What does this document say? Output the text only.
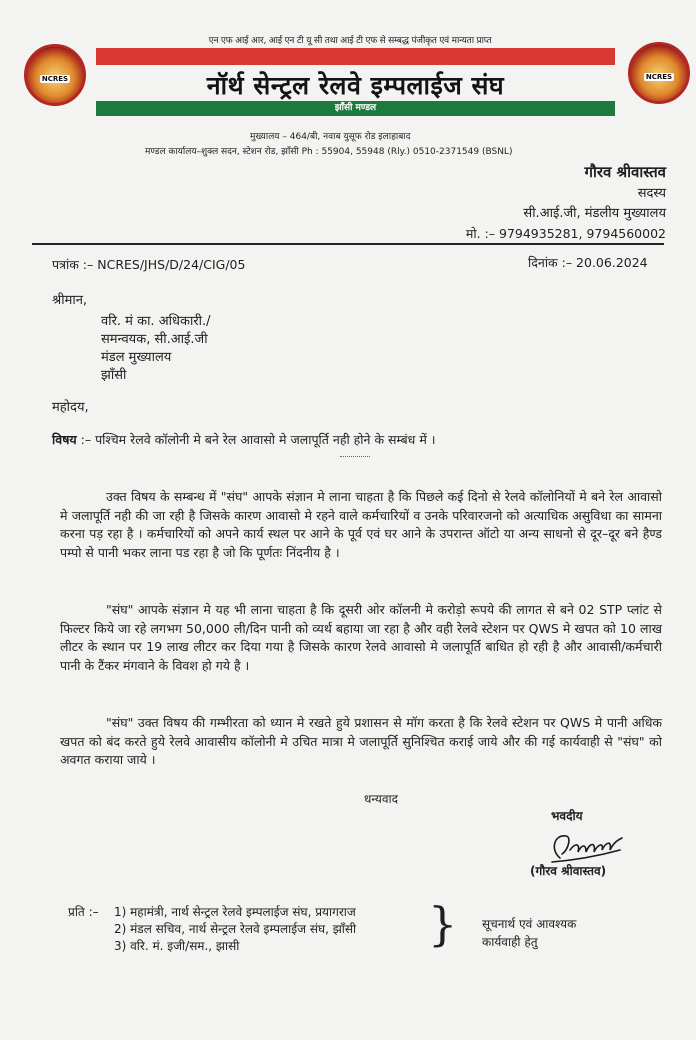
एन एफ आई आर, आई एन टी यू सी तथा आई टी एफ से सम्बद्ध पंजीकृत एवं मान्यता प्राप्त
NCRES	NCRES
नॉर्थ सेन्ट्रल रेलवे इम्पलाईज संघ
झाँसी मण्डल
मुख्यालय – 464/बी, नवाब युसूफ रोड इलाहाबाद
मण्डल कार्यालय–शुक्ल सदन, स्टेशन रोड, झाँसी Ph : 55904, 55948 (Rly.) 0510-2371549 (BSNL)
गौरव श्रीवास्तव
सदस्य
सी.आई.जी, मंडलीय मुख्यालय
मो. :– 9794935281, 9794560002
पत्रांक :– NCRES/JHS/D/24/CIG/05	दिनांक :– 20.06.2024
श्रीमान,
वरि. मं का. अधिकारी./
समन्वयक, सी.आई.जी
मंडल मुख्यालय
झाँसी
महोदय,
विषय :– पश्चिम रेलवे कॉलोनी मे बने रेल आवासो मे जलापूर्ति नही होने के सम्बंध में ।
उक्त विषय के सम्बन्ध में "संघ" आपके संज्ञान मे लाना चाहता है कि पिछले कई दिनो से रेलवे कॉलोनियों मे बने रेल आवासो मे जलापूर्ति नही की जा रही है जिसके कारण आवासो मे रहने वाले कर्मचारियों व उनके परिवारजनो को अत्याधिक असुविधा का सामना करना पड़ रहा है । कर्मचारियों को अपने कार्य स्थल पर आने के पूर्व एवं घर आने के उपरान्त ऑटो या अन्य साधनो से दूर–दूर बने हैण्ड पम्पो से पानी भकर लाना पड रहा है जो कि पूर्णतः निंदनीय है ।
"संघ" आपके संज्ञान मे यह भी लाना चाहता है कि दूसरी ओर कॉलनी मे करोड़ो रूपये की लागत से बने 02 STP प्लांट से फिल्टर किये जा रहे लगभग 50,000 ली/दिन पानी को व्यर्थ बहाया जा रहा है और वही रेलवे स्टेशन पर QWS मे खपत को 10 लाख लीटर के स्थान पर 19 लाख लीटर कर दिया गया है जिसके कारण रेलवे आवासो मे जलापूर्ति बाधित हो रही है और आवासी/कर्मचारी पानी के टैंकर मंगवाने के विवश हो गये है ।
"संघ" उक्त विषय की गम्भीरता को ध्यान मे रखते हुये प्रशासन से मॉग करता है कि रेलवे स्टेशन पर QWS मे पानी अधिक खपत को बंद करते हुये रेलवे आवासीय कॉलोनी मे उचित मात्रा मे जलापूर्ति सुनिश्चित कराई जाये और की गई कार्यवाही से "संघ" को अवगत कराया जाये ।
धन्यवाद
भवदीय
(गौरव श्रीवास्तव)
प्रति :– 1) महामंत्री, नार्थ सेन्ट्रल रेलवे इम्पलाईज संघ, प्रयागराज
2) मंडल सचिव, नार्थ सेन्ट्रल रेलवे इम्पलाईज संघ, झाँसी
3) वरि. मं. इजी/सम., झासी	} सूचनार्थ एवं आवश्यक
कार्यवाही हेतु
